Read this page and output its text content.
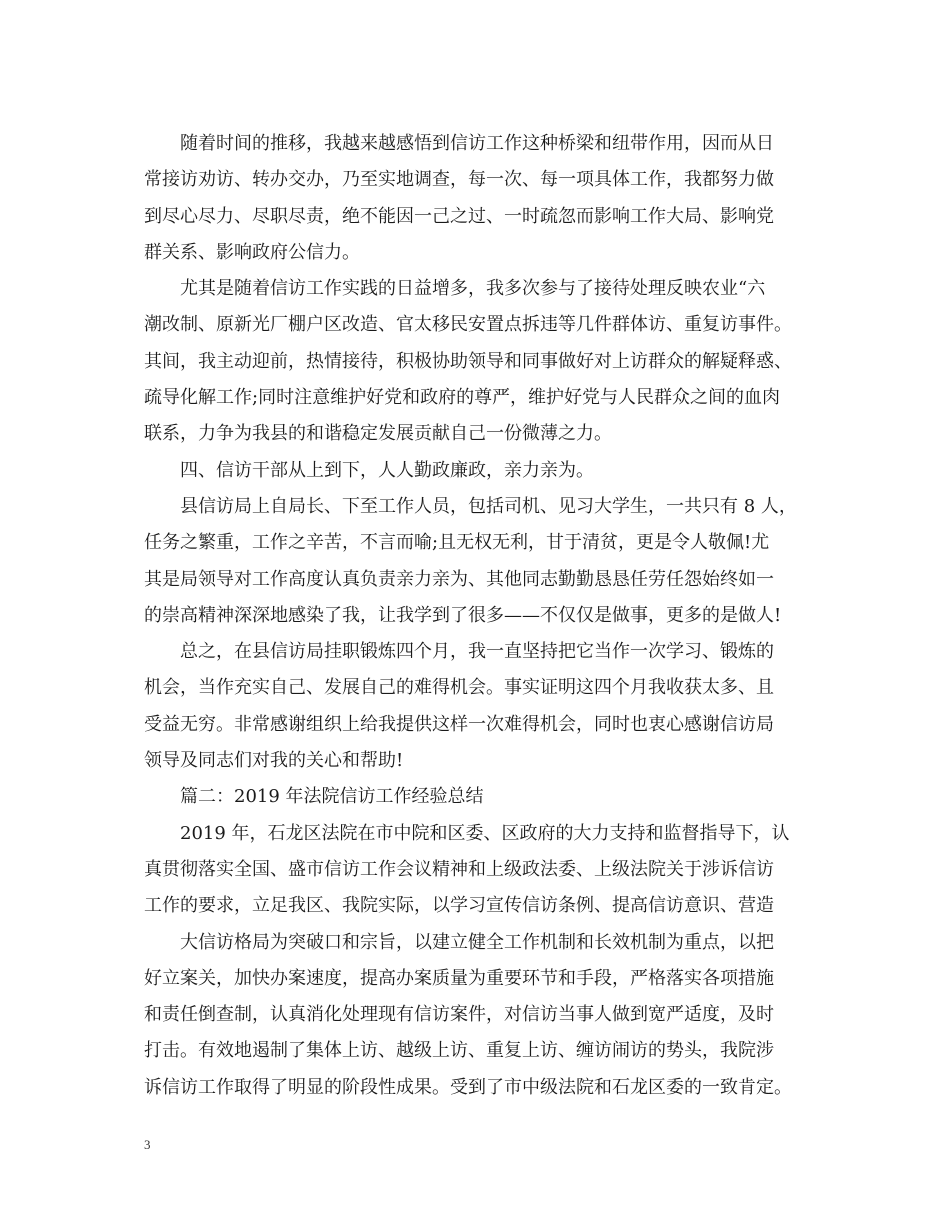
随着时间的推移，我越来越感悟到信访工作这种桥梁和纽带作用，因而从日
常接访劝访、转办交办，乃至实地调查，每一次、每一项具体工作，我都努力做
到尽心尽力、尽职尽责，绝不能因一己之过、一时疏忽而影响工作大局、影响党
群关系、影响政府公信力。

尤其是随着信访工作实践的日益增多，我多次参与了接待处理反映农业“六
潮改制、原新光厂棚户区改造、官太移民安置点拆违等几件群体访、重复访事件。
其间，我主动迎前，热情接待，积极协助领导和同事做好对上访群众的解疑释惑、
疏导化解工作;同时注意维护好党和政府的尊严，维护好党与人民群众之间的血肉
联系，力争为我县的和谐稳定发展贡献自己一份微薄之力。

四、信访干部从上到下，人人勤政廉政，亲力亲为。

县信访局上自局长、下至工作人员，包括司机、见习大学生，一共只有 8 人，
任务之繁重，工作之辛苦，不言而喻;且无权无利，甘于清贫，更是令人敬佩!尤
其是局领导对工作高度认真负责亲力亲为、其他同志勤勤恳恳任劳任怨始终如一
的崇高精神深深地感染了我，让我学到了很多——不仅仅是做事，更多的是做人!

总之，在县信访局挂职锻炼四个月，我一直坚持把它当作一次学习、锻炼的
机会，当作充实自己、发展自己的难得机会。事实证明这四个月我收获太多、且
受益无穷。非常感谢组织上给我提供这样一次难得机会，同时也衷心感谢信访局
领导及同志们对我的关心和帮助!

篇二：2019 年法院信访工作经验总结

2019 年，石龙区法院在市中院和区委、区政府的大力支持和监督指导下，认
真贯彻落实全国、盛市信访工作会议精神和上级政法委、上级法院关于涉诉信访
工作的要求，立足我区、我院实际，以学习宣传信访条例、提高信访意识、营造

大信访格局为突破口和宗旨，以建立健全工作机制和长效机制为重点，以把
好立案关，加快办案速度，提高办案质量为重要环节和手段，严格落实各项措施
和责任倒查制，认真消化处理现有信访案件，对信访当事人做到宽严适度，及时
打击。有效地遏制了集体上访、越级上访、重复上访、缠访闹访的势头，我院涉
诉信访工作取得了明显的阶段性成果。受到了市中级法院和石龙区委的一致肯定。

3
